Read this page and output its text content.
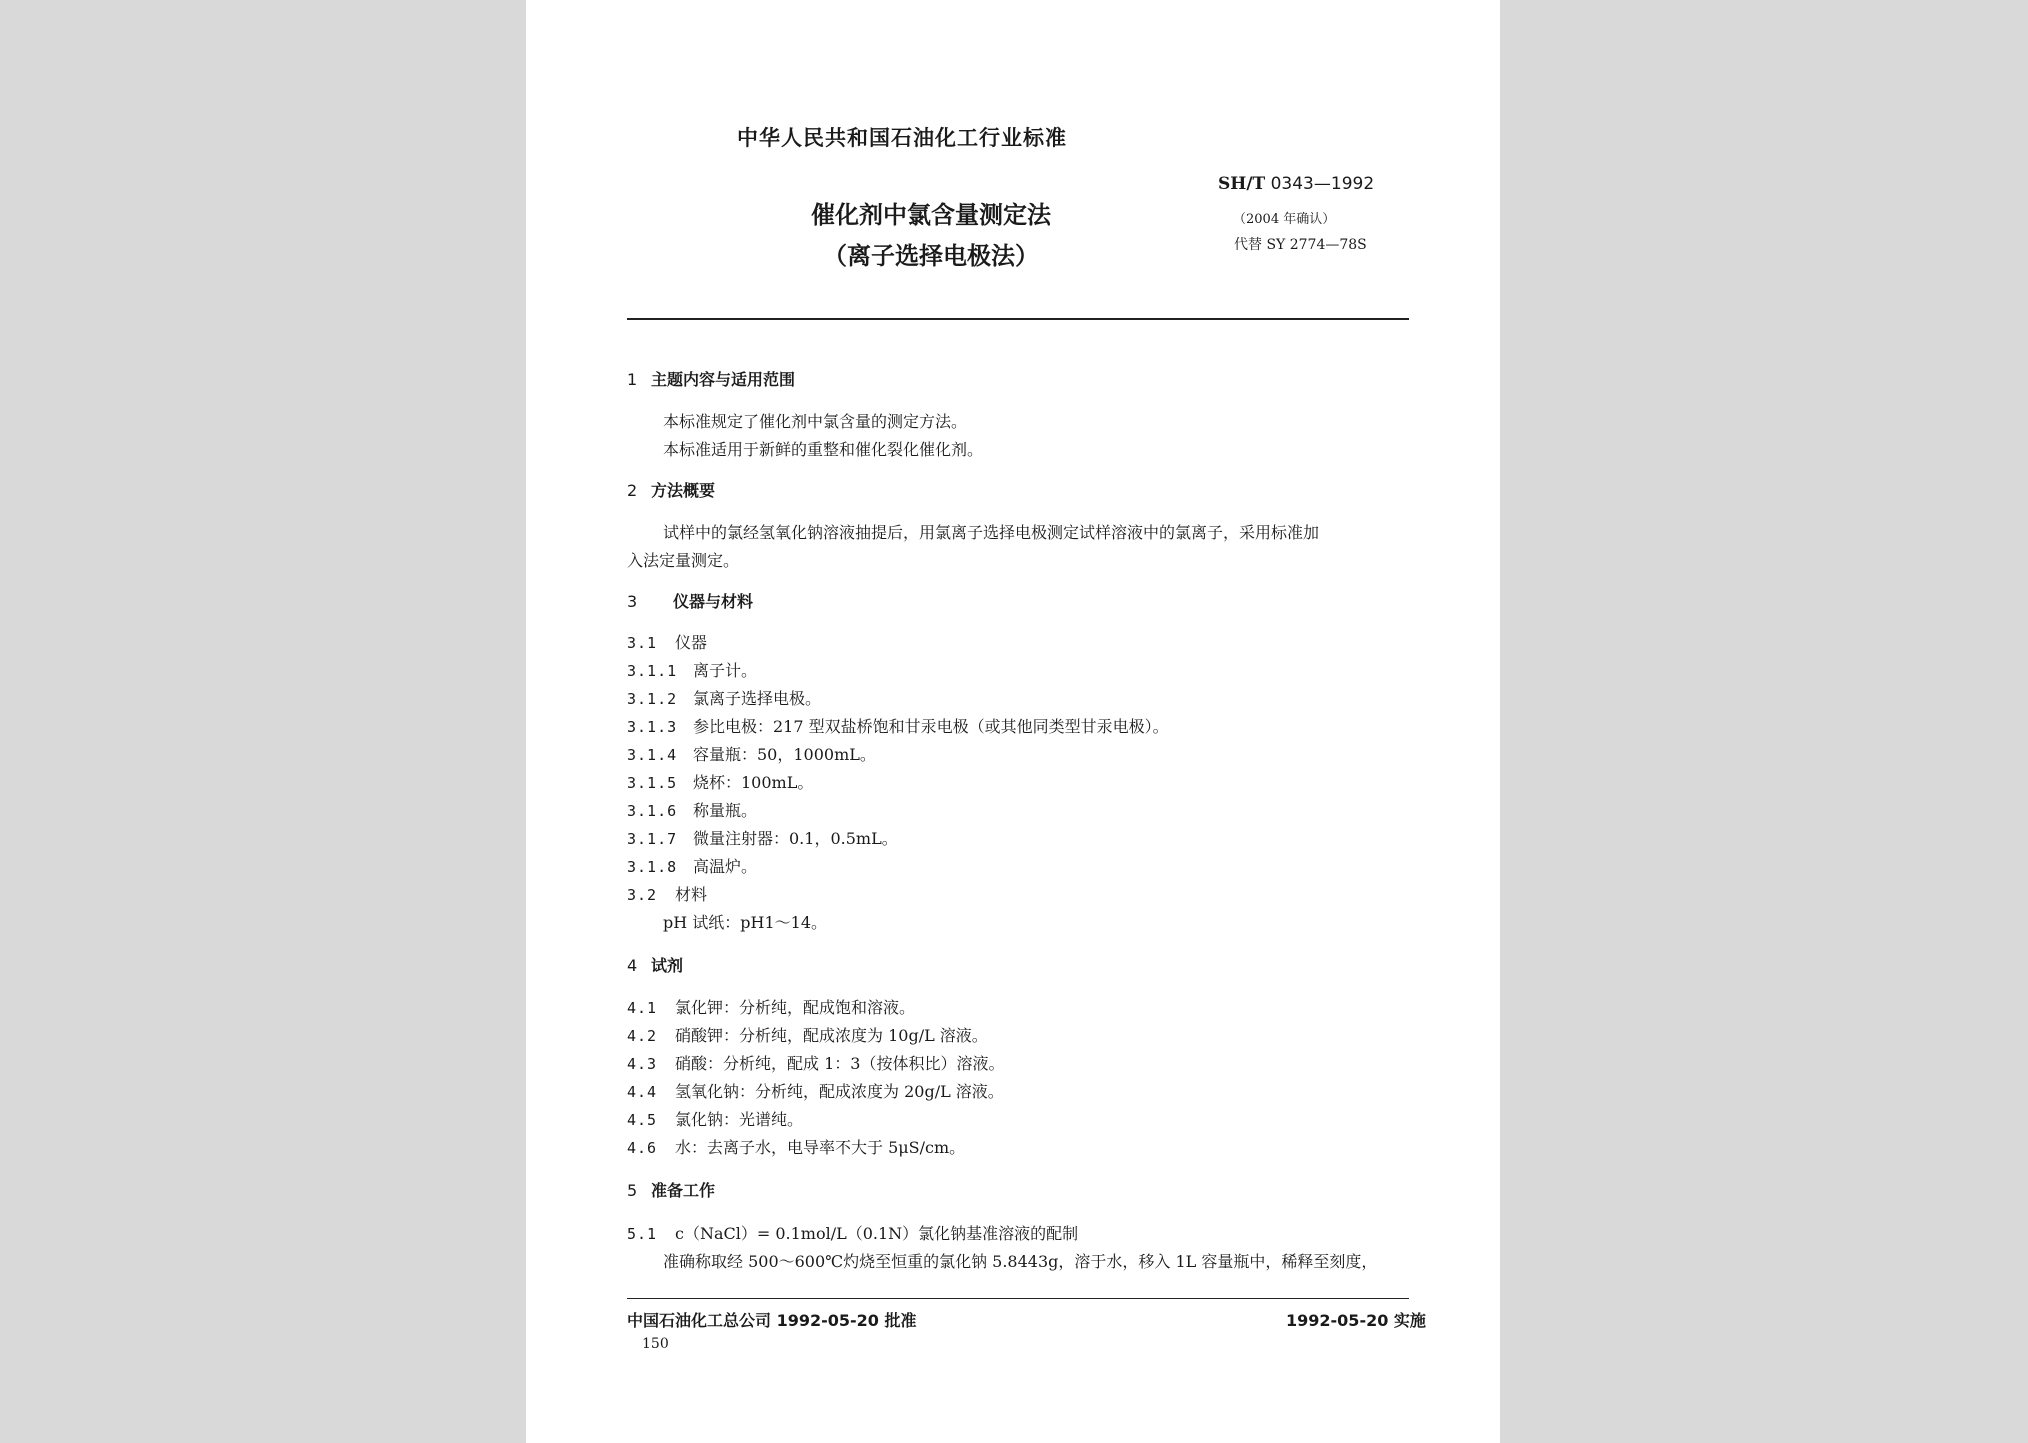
中华人民共和国石油化工行业标准
催化剂中氯含量测定法
（离子选择电极法）
SH/T 0343—1992
（2004 年确认）
代替 SY 2774—78S
1 主题内容与适用范围
本标准规定了催化剂中氯含量的测定方法。
本标准适用于新鲜的重整和催化裂化催化剂。
2 方法概要
试样中的氯经氢氧化钠溶液抽提后，用氯离子选择电极测定试样溶液中的氯离子，采用标准加
入法定量测定。
3 仪器与材料
3.1 仪器
3.1.1 离子计。
3.1.2 氯离子选择电极。
3.1.3 参比电极：217 型双盐桥饱和甘汞电极（或其他同类型甘汞电极）。
3.1.4 容量瓶：50，1000mL。
3.1.5 烧杯：100mL。
3.1.6 称量瓶。
3.1.7 微量注射器：0.1，0.5mL。
3.1.8 高温炉。
3.2 材料
pH 试纸：pH1～14。
4 试剂
4.1 氯化钾：分析纯，配成饱和溶液。
4.2 硝酸钾：分析纯，配成浓度为 10g/L 溶液。
4.3 硝酸：分析纯，配成 1：3（按体积比）溶液。
4.4 氢氧化钠：分析纯，配成浓度为 20g/L 溶液。
4.5 氯化钠：光谱纯。
4.6 水：去离子水，电导率不大于 5μS/cm。
5 准备工作
5.1 c（NaCl）= 0.1mol/L（0.1N）氯化钠基准溶液的配制
准确称取经 500～600℃灼烧至恒重的氯化钠 5.8443g，溶于水，移入 1L 容量瓶中，稀释至刻度，
中国石油化工总公司 1992-05-20 批准	1992-05-20 实施
150
